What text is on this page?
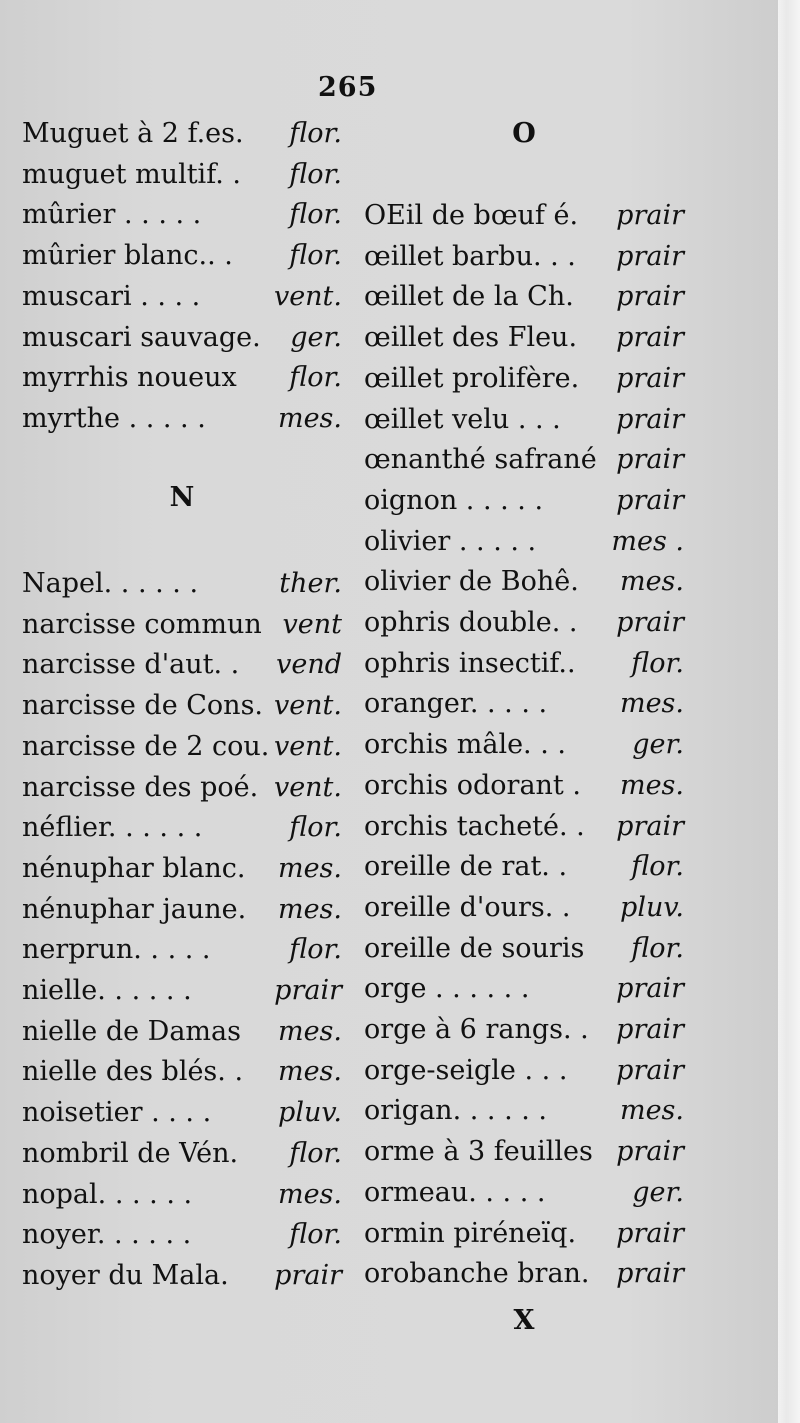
265
Muguet à 2 f.es. flor.
muguet multif. . flor.
mûrier . . . . .	flor.
mûrier blanc.. . flor.
muscari . . . .	vent.
muscari sauvage. ger.
myrrhis noueux flor.
myrthe . . . . .	mes.
N
Napel. . . . . .	ther.
narcisse commun vent
narcisse d'aut. . vend
narcisse de Cons. vent.
narcisse de 2 cou. vent.
narcisse des poé. vent.
néflier. . . . . .	flor.
nénuphar blanc. mes.
nénuphar jaune. mes.
nerprun. . . . .	flor.
nielle. . . . . .	prair
nielle de Damas mes.
nielle des blés. . mes.
noisetier . . . . pluv.
nombril de Vén. flor.
nopal. . . . . .	mes.
noyer. . . . . .	flor.
noyer du Mala. prair
O
OEil de bœuf é. prair
œillet barbu. . . prair
œillet de la Ch. prair
œillet des Fleu. prair
œillet prolifère. prair
œillet velu . . . prair
œnanthé safrané prair
oignon . . . . .	prair
olivier . . . . .	mes .
olivier de Bohê. mes.
ophris double. . prair
ophris insectif.. flor.
oranger. . . . .	mes.
orchis mâle. . . ger.
orchis odorant . mes.
orchis tacheté. . prair
oreille de rat. . flor.
oreille d'ours. . pluv.
oreille de souris flor.
orge . . . . . .	prair
orge à 6 rangs. . prair
orge-seigle . . . prair
origan. . . . . .	mes.
orme à 3 feuilles prair
ormeau. . . . .	ger.
ormin piréneïq. prair
orobanche bran. prair
X
